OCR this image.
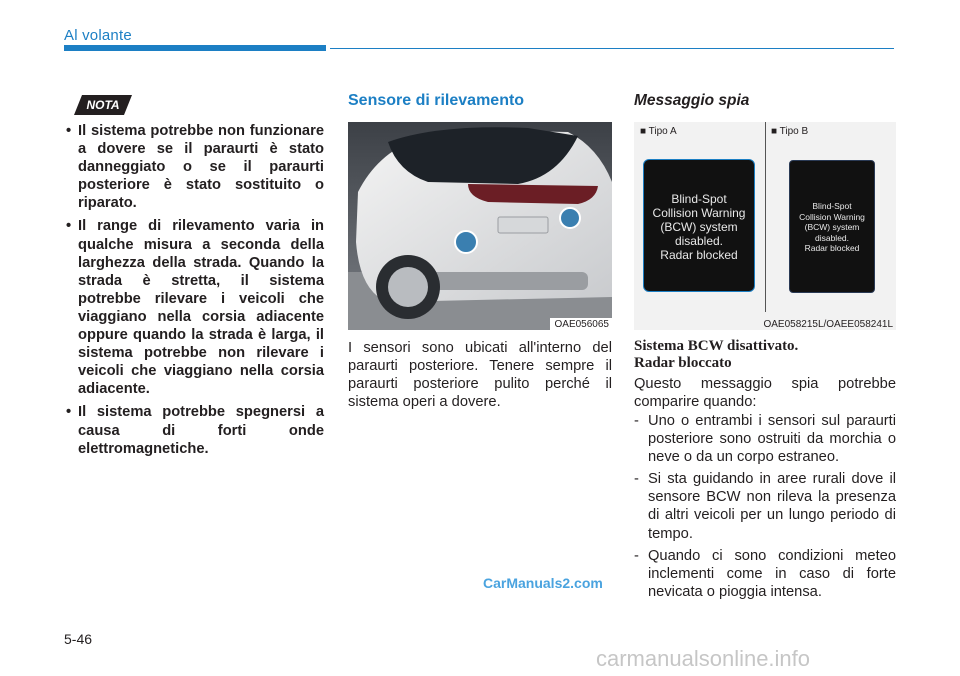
Al volante
NOTA
• Il sistema potrebbe non funzionare a dovere se il paraurti è stato danneggiato o se il paraurti posteriore è stato sostituito o riparato.
• Il range di rilevamento varia in qualche misura a seconda della larghezza della strada. Quando la strada è stretta, il sistema potrebbe rilevare i veicoli che viaggiano nella corsia adiacente oppure quando la strada è larga, il sistema potrebbe non rilevare i veicoli che viaggiano nella corsia adiacente.
• Il sistema potrebbe spegnersi a causa di forti onde elettromagnetiche.
Sensore di rilevamento
OAE056065
I sensori sono ubicati all'interno del paraurti posteriore. Tenere sempre il paraurti posteriore pulito perché il sistema operi a dovere.
Messaggio spia
■ Tipo A	■ Tipo B
Blind-Spot
Collision Warning
(BCW) system
disabled.
Radar blocked
Blind-Spot
Collision Warning
(BCW) system
disabled.
Radar blocked
OAE058215L/OAEE058241L
Sistema BCW disattivato.
Radar bloccato
Questo messaggio spia potrebbe comparire quando:
- Uno o entrambi i sensori sul paraurti posteriore sono ostruiti da morchia o neve o da un corpo estraneo.
- Si sta guidando in aree rurali dove il sensore BCW non rileva la presenza di altri veicoli per un lungo periodo di tempo.
- Quando ci sono condizioni meteo inclementi come in caso di forte nevicata o pioggia intensa.
5-46
CarManuals2.com
carmanualsonline.info
